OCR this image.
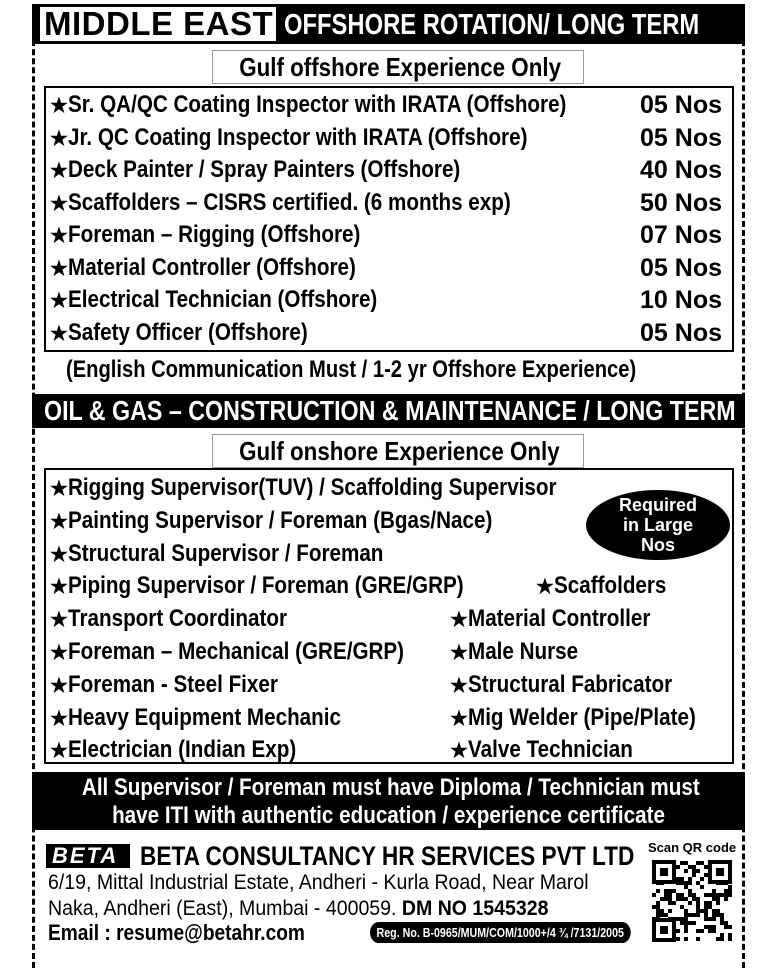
MIDDLE EAST OFFSHORE ROTATION/ LONG TERM
Gulf offshore Experience Only
★Sr. QA/QC Coating Inspector with IRATA (Offshore)	05 Nos
★Jr. QC Coating Inspector with IRATA (Offshore)	05 Nos
★Deck Painter / Spray Painters (Offshore)	40 Nos
★Scaffolders – CISRS certified. (6 months exp)	50 Nos
★Foreman – Rigging (Offshore)	07 Nos
★Material Controller (Offshore)	05 Nos
★Electrical Technician (Offshore)	10 Nos
★Safety Officer (Offshore)	05 Nos
(English Communication Must / 1-2 yr Offshore Experience)
OIL & GAS – CONSTRUCTION & MAINTENANCE / LONG TERM
Gulf onshore Experience Only
★Rigging Supervisor(TUV) / Scaffolding Supervisor
★Painting Supervisor / Foreman (Bgas/Nace)
★Structural Supervisor / Foreman
★Piping Supervisor / Foreman (GRE/GRP)
★Transport Coordinator
★Foreman – Mechanical (GRE/GRP)
★Foreman - Steel Fixer
★Heavy Equipment Mechanic
★Electrician (Indian Exp)
★Scaffolders
★Material Controller
★Male Nurse
★Structural Fabricator
★Mig Welder (Pipe/Plate)
★Valve Technician
Required
in Large
Nos
All Supervisor / Foreman must have Diploma / Technician must
have ITI with authentic education / experience certificate
BETA BETA CONSULTANCY HR SERVICES PVT LTD
6/19, Mittal Industrial Estate, Andheri - Kurla Road, Near Marol
Naka, Andheri (East), Mumbai - 400059. DM NO 1545328
Email : resume@betahr.com	Reg. No. B-0965/MUM/COM/1000+/4 ¾ /7131/2005
Scan QR code
